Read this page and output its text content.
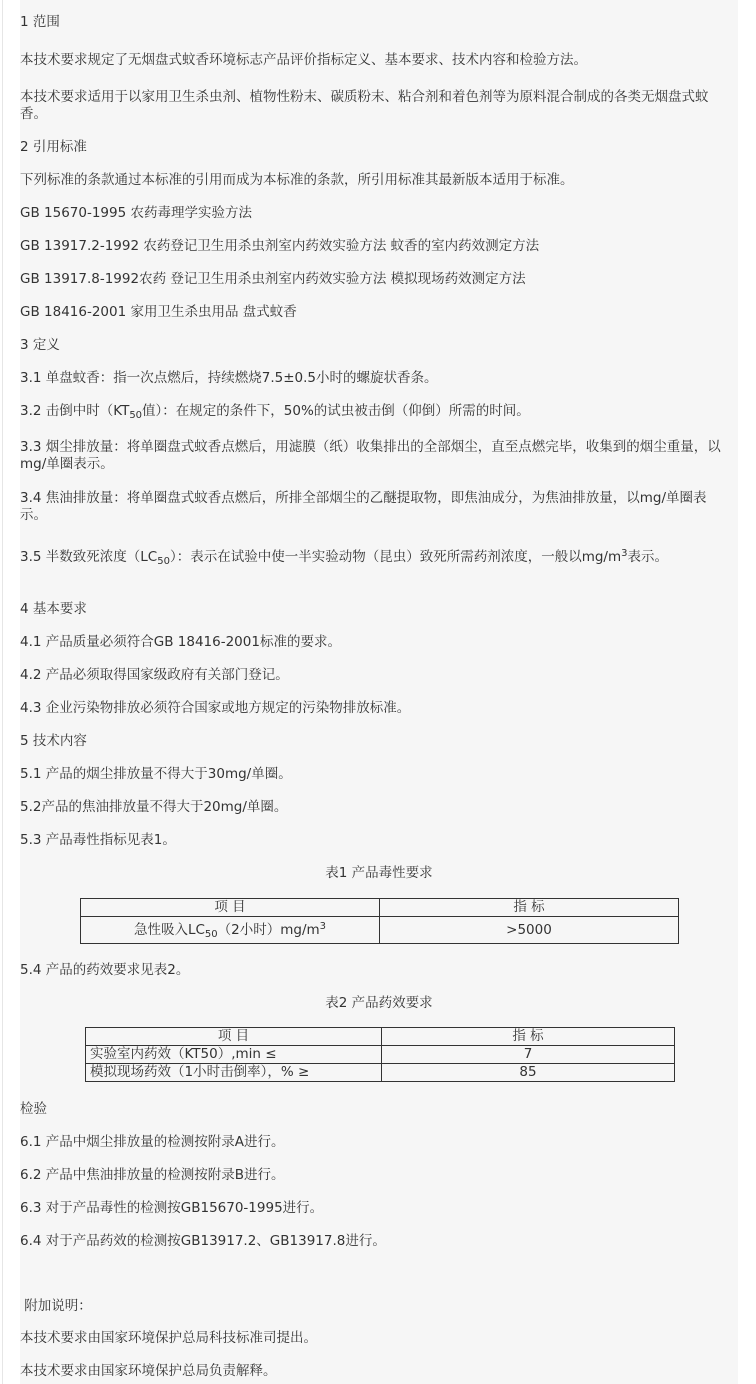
1 范围

本技术要求规定了无烟盘式蚊香环境标志产品评价指标定义、基本要求、技术内容和检验方法。

本技术要求适用于以家用卫生杀虫剂、植物性粉末、碳质粉末、粘合剂和着色剂等为原料混合制成的各类无烟盘式蚊香。

2 引用标准

下列标准的条款通过本标准的引用而成为本标准的条款，所引用标准其最新版本适用于标准。

GB 15670-1995 农药毒理学实验方法

GB 13917.2-1992 农药登记卫生用杀虫剂室内药效实验方法 蚊香的室内药效测定方法

GB 13917.8-1992农药 登记卫生用杀虫剂室内药效实验方法 模拟现场药效测定方法

GB 18416-2001 家用卫生杀虫用品 盘式蚊香

3 定义

3.1 单盘蚊香：指一次点燃后，持续燃烧7.5±0.5小时的螺旋状香条。

3.2 击倒中时（$KT_{50}$值）：在规定的条件下，50%的试虫被击倒（仰倒）所需的时间。

3.3 烟尘排放量：将单圈盘式蚊香点燃后，用滤膜（纸）收集排出的全部烟尘，直至点燃完毕，收集到的烟尘重量，以mg/单圈表示。

3.4 焦油排放量：将单圈盘式蚊香点燃后，所排全部烟尘的乙醚提取物，即焦油成分，为焦油排放量，以mg/单圈表示。

3.5 半数致死浓度$(LC_{50})$：表示在试验中使一半实验动物（昆虫）致死所需药剂浓度，一般以$mg/m^3$表示。

4 基本要求

4.1 产品质量必须符合GB 18416-2001标准的要求。

4.2 产品必须取得国家级政府有关部门登记。

4.3 企业污染物排放必须符合国家或地方规定的污染物排放标准。

5 技术内容

5.1 产品的烟尘排放量不得大于30mg/单圈。

5.2产品的焦油排放量不得大于20mg/单圈。

5.3 产品毒性指标见表1。

表1 产品毒性要求
项 目	指 标
急性吸入$LC_{50}(2$小时）$mg/m^3$	>5000

5.4 产品的药效要求见表2。

表2 产品药效要求
项 目	指 标
实验室内药效（KT50）,min ≤	7
模拟现场药效（1小时击倒率），% ≥	85

检验

6.1 产品中烟尘排放量的检测按附录A进行。

6.2 产品中焦油排放量的检测按附录B进行。

6.3 对于产品毒性的检测按GB15670-1995进行。

6.4 对于产品药效的检测按GB13917.2、GB13917.8进行。

附加说明：

本技术要求由国家环境保护总局科技标准司提出。

本技术要求由国家环境保护总局负责解释。
